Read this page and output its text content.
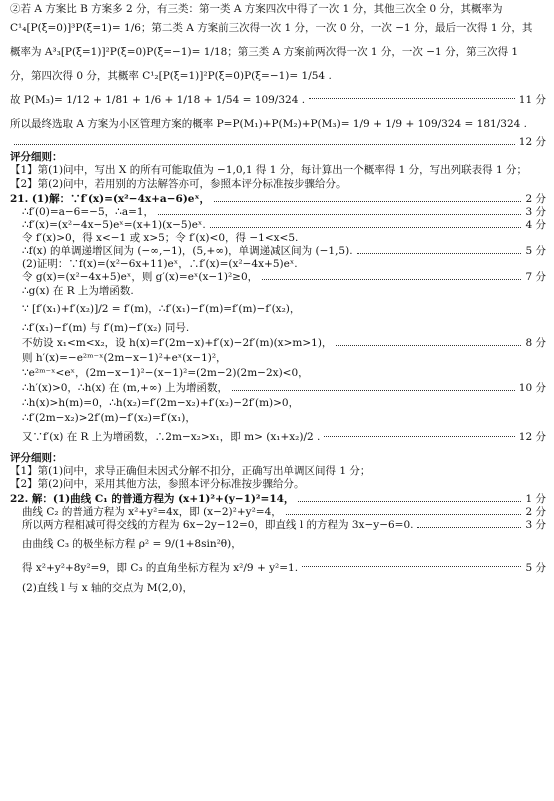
②若 A 方案比 B 方案多 2 分，有三类：第一类 A 方案四次中得了一次 1 分，其他三次全 0 分，其概率为
C¹₄[P(ξ=0)]³P(ξ=1)= 1/6；第二类 A 方案前三次得一次 1 分，一次 0 分，一次 −1 分，最后一次得 1 分，其
概率为 A³₃[P(ξ=1)]²P(ξ=0)P(ξ=−1)= 1/18；第三类 A 方案前两次得一次 1 分，一次 −1 分，第三次得 1
分，第四次得 0 分，其概率 C¹₂[P(ξ=1)]²P(ξ=0)P(ξ=−1)= 1/54 .
故 P(M₃)= 1/12 + 1/81 + 1/6 + 1/18 + 1/54 = 109/324 .	11 分
所以最终选取 A 方案为小区管理方案的概率 P=P(M₁)+P(M₂)+P(M₃)= 1/9 + 1/9 + 109/324 = 181/324 .
12 分
评分细则：
【1】第(1)问中，写出 X 的所有可能取值为 −1,0,1 得 1 分，每计算出一个概率得 1 分，写出列联表得 1 分；
【2】第(2)问中，若用别的方法解答亦可，参照本评分标准按步骤给分。
21. (1)解：∵f′(x)=(x²−4x+a−6)eˣ，	2 分
∴f′(0)=a−6=−5，∴a=1，	3 分
∴f′(x)=(x²−4x−5)eˣ=(x+1)(x−5)eˣ.	4 分
令 f′(x)>0，得 x<−1 或 x>5；令 f′(x)<0，得 −1<x<5.
∴f(x) 的单调递增区间为 (−∞,−1)，(5,+∞)，单调递减区间为 (−1,5).	5 分
(2)证明：∵f(x)=(x²−6x+11)eˣ，∴f′(x)=(x²−4x+5)eˣ.
令 g(x)=(x²−4x+5)eˣ，则 g′(x)=eˣ(x−1)²≥0，	7 分
∴g(x) 在 R 上为增函数.
∵ [f′(x₁)+f′(x₂)]/2 = f′(m)，∴f′(x₁)−f′(m)=f′(m)−f′(x₂)，
∴f′(x₁)−f′(m) 与 f′(m)−f′(x₂) 同号.
不妨设 x₁<m<x₂，设 h(x)=f′(2m−x)+f′(x)−2f′(m)(x>m>1)，	8 分
则 h′(x)=−e²ᵐ⁻ˣ(2m−x−1)²+eˣ(x−1)²，
∵e²ᵐ⁻ˣ<eˣ，(2m−x−1)²−(x−1)²=(2m−2)(2m−2x)<0，
∴h′(x)>0，∴h(x) 在 (m,+∞) 上为增函数，	10 分
∴h(x)>h(m)=0，∴h(x₂)=f′(2m−x₂)+f′(x₂)−2f′(m)>0，
∴f′(2m−x₂)>2f′(m)−f′(x₂)=f′(x₁)，
又∵f′(x) 在 R 上为增函数，∴2m−x₂>x₁，即 m> (x₁+x₂)/2 .	12 分
评分细则：
【1】第(1)问中，求导正确但未因式分解不扣分，正确写出单调区间得 1 分；
【2】第(2)问中，采用其他方法，参照本评分标准按步骤给分。
22. 解：(1)曲线 C₁ 的普通方程为 (x+1)²+(y−1)²=14，	1 分
曲线 C₂ 的普通方程为 x²+y²=4x，即 (x−2)²+y²=4，	2 分
所以两方程相减可得交线的方程为 6x−2y−12=0，即直线 l 的方程为 3x−y−6=0.	3 分
由曲线 C₃ 的极坐标方程 ρ² = 9/(1+8sin²θ)，
得 x²+y²+8y²=9，即 C₃ 的直角坐标方程为 x²/9 + y²=1.	5 分
(2)直线 l 与 x 轴的交点为 M(2,0)，
